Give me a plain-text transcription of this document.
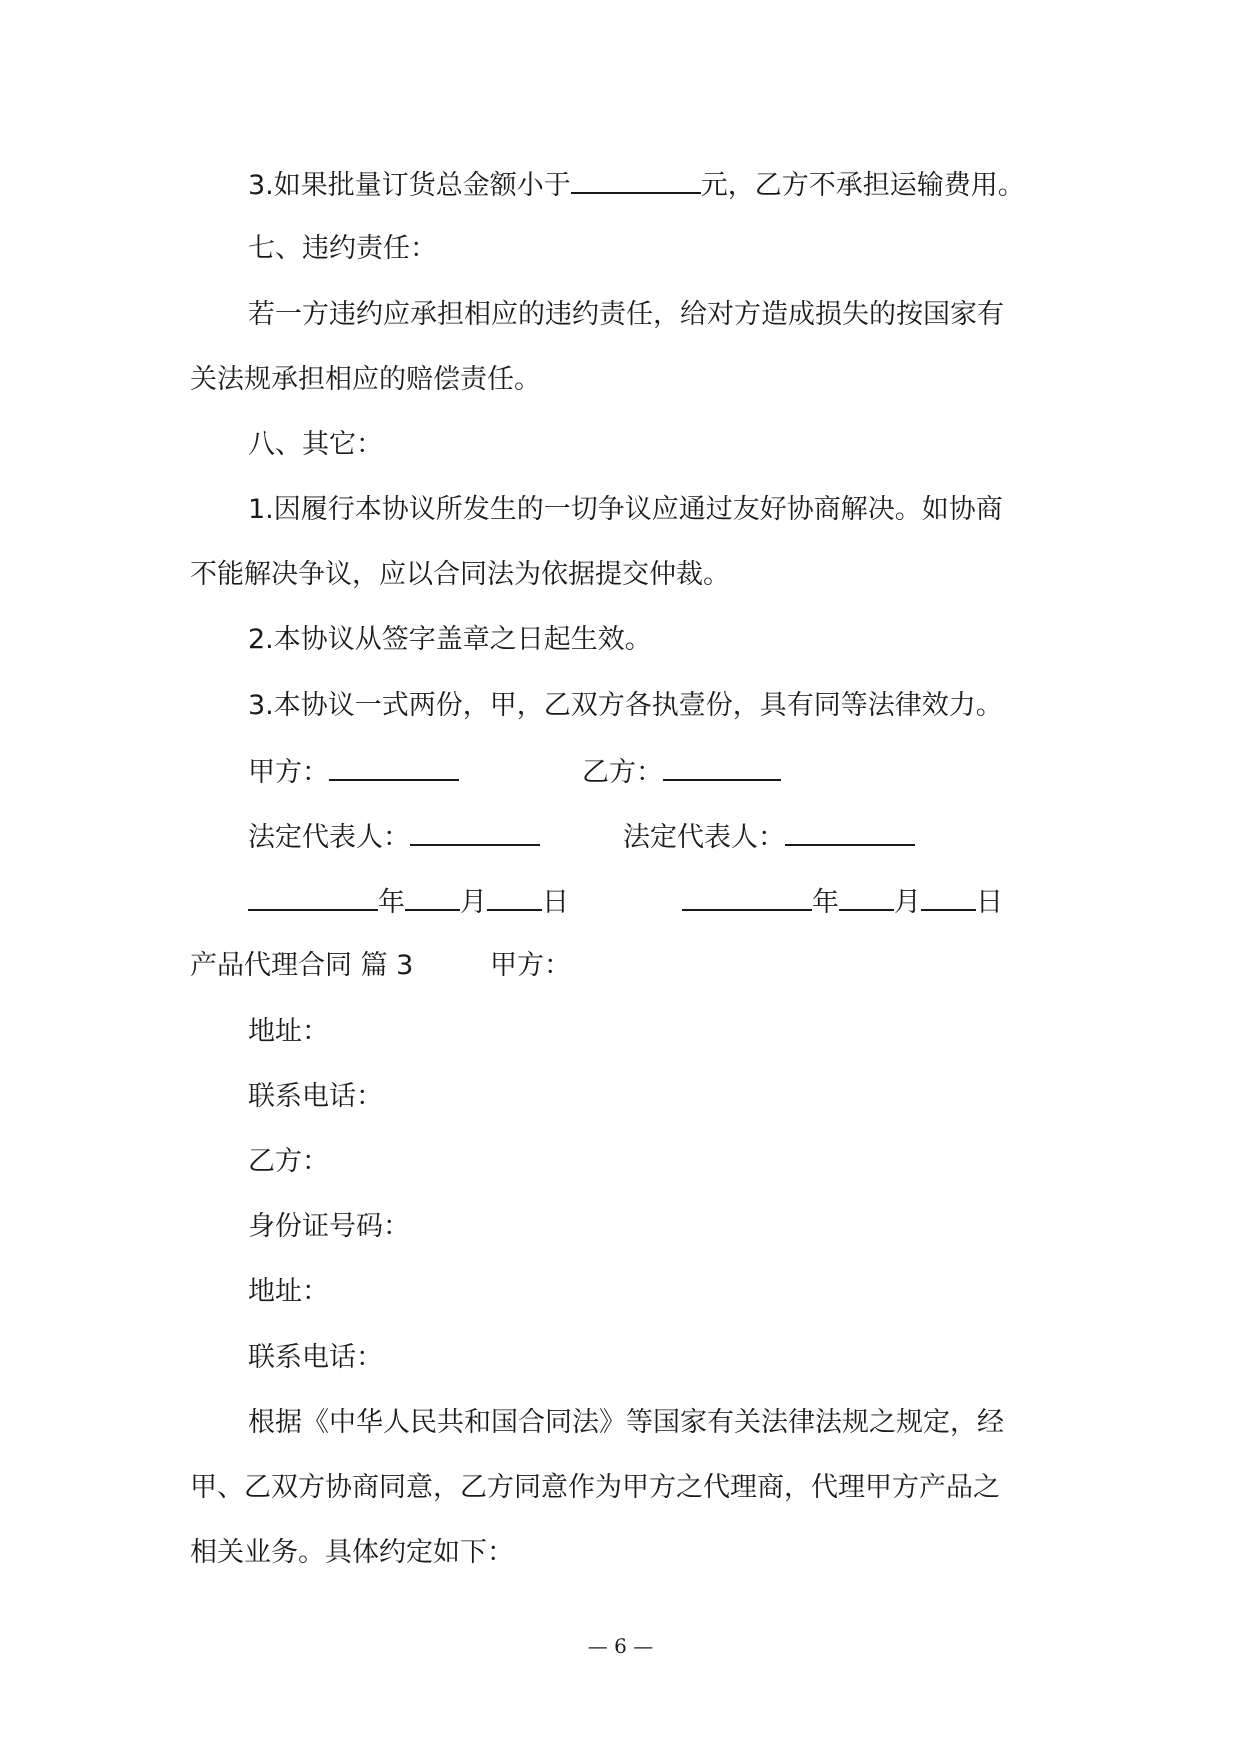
3.如果批量订货总金额小于	元，乙方不承担运输费用。
七、违约责任：
若一方违约应承担相应的违约责任，给对方造成损失的按国家有
关法规承担相应的赔偿责任。
八、其它：
1.因履行本协议所发生的一切争议应通过友好协商解决。如协商
不能解决争议，应以合同法为依据提交仲裁。
2.本协议从签字盖章之日起生效。
3.本协议一式两份，甲，乙双方各执壹份，具有同等法律效力。
甲方：	乙方：
法定代表人：	法定代表人：
年 月 日	年 月 日
产品代理合同 篇 3	甲方：
地址：
联系电话：
乙方：
身份证号码：
地址：
联系电话：
根据《中华人民共和国合同法》等国家有关法律法规之规定，经
甲、乙双方协商同意，乙方同意作为甲方之代理商，代理甲方产品之
相关业务。具体约定如下：
— 6 —
